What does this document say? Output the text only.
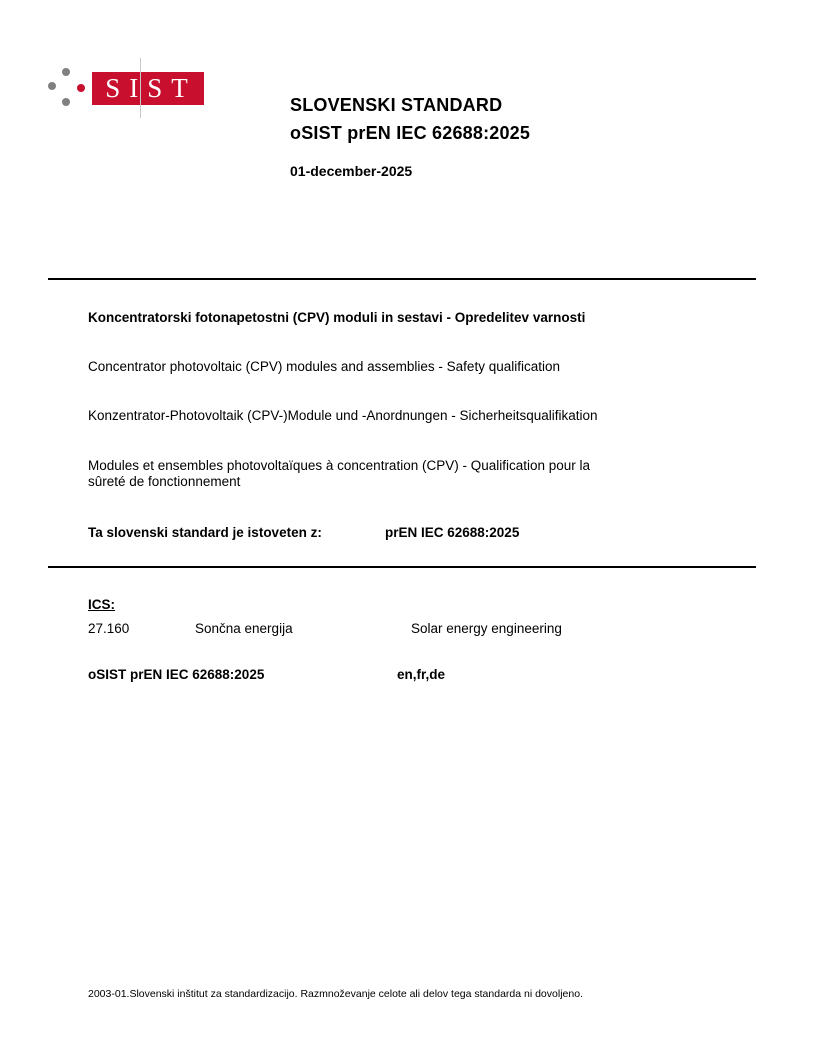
SIST
SLOVENSKI STANDARD
oSIST prEN IEC 62688:2025
01-december-2025
Koncentratorski fotonapetostni (CPV) moduli in sestavi - Opredelitev varnosti
Concentrator photovoltaic (CPV) modules and assemblies - Safety qualification
Konzentrator-Photovoltaik (CPV-)Module und -Anordnungen - Sicherheitsqualifikation
Modules et ensembles photovoltaïques à concentration (CPV) - Qualification pour la
sûreté de fonctionnement
Ta slovenski standard je istoveten z:	prEN IEC 62688:2025
ICS:
27.160	Sončna energija	Solar energy engineering
oSIST prEN IEC 62688:2025	en,fr,de
2003-01.Slovenski inštitut za standardizacijo. Razmnoževanje celote ali delov tega standarda ni dovoljeno.
